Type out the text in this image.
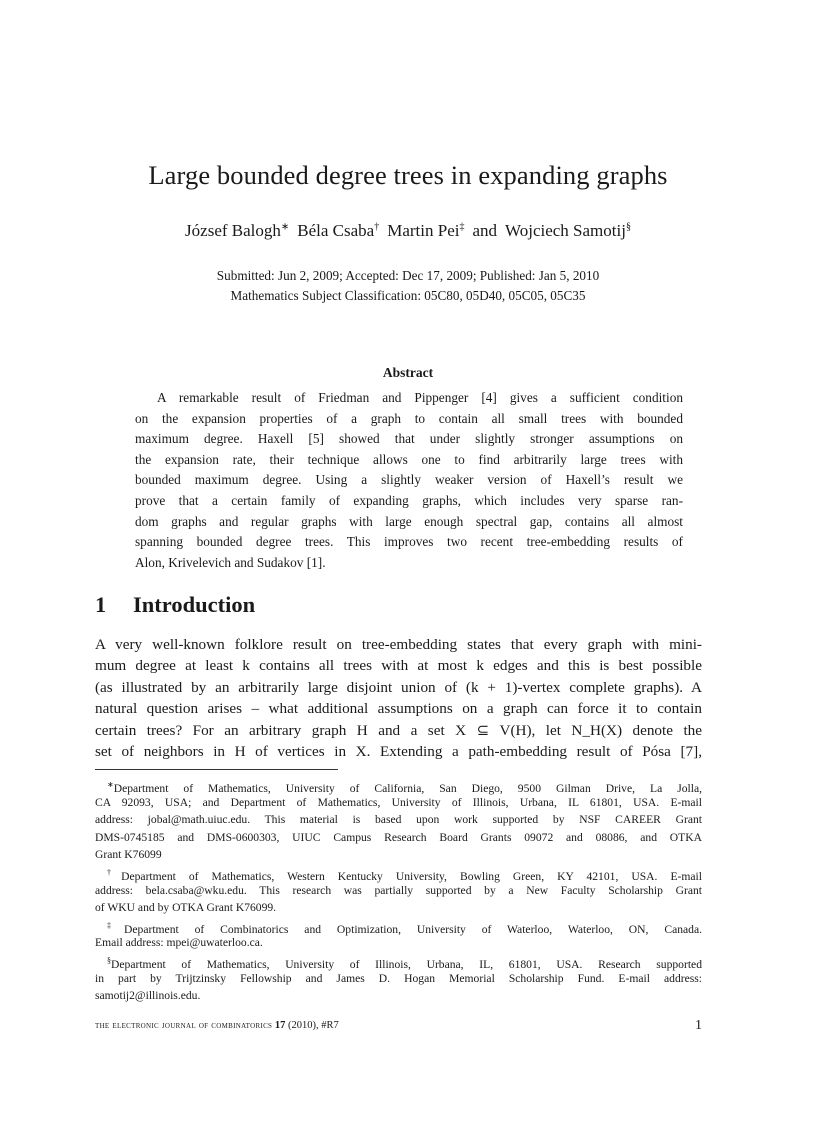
Large bounded degree trees in expanding graphs
József Balogh∗ Béla Csaba† Martin Pei‡ and Wojciech Samotij§
Submitted: Jun 2, 2009; Accepted: Dec 17, 2009; Published: Jan 5, 2010
Mathematics Subject Classification: 05C80, 05D40, 05C05, 05C35
Abstract
A remarkable result of Friedman and Pippenger [4] gives a sufficient condition
on the expansion properties of a graph to contain all small trees with bounded
maximum degree. Haxell [5] showed that under slightly stronger assumptions on
the expansion rate, their technique allows one to find arbitrarily large trees with
bounded maximum degree. Using a slightly weaker version of Haxell’s result we
prove that a certain family of expanding graphs, which includes very sparse ran-
dom graphs and regular graphs with large enough spectral gap, contains all almost
spanning bounded degree trees. This improves two recent tree-embedding results of
Alon, Krivelevich and Sudakov [1].
1 Introduction
A very well-known folklore result on tree-embedding states that every graph with mini-
mum degree at least k contains all trees with at most k edges and this is best possible
(as illustrated by an arbitrarily large disjoint union of (k + 1)-vertex complete graphs). A
natural question arises – what additional assumptions on a graph can force it to contain
certain trees? For an arbitrary graph H and a set X ⊆ V(H), let N_H(X) denote the
set of neighbors in H of vertices in X. Extending a path-embedding result of Pósa [7],
∗Department of Mathematics, University of California, San Diego, 9500 Gilman Drive, La Jolla,
CA 92093, USA; and Department of Mathematics, University of Illinois, Urbana, IL 61801, USA. E-mail
address: jobal@math.uiuc.edu. This material is based upon work supported by NSF CAREER Grant
DMS-0745185 and DMS-0600303, UIUC Campus Research Board Grants 09072 and 08086, and OTKA
Grant K76099
†Department of Mathematics, Western Kentucky University, Bowling Green, KY 42101, USA. E-mail
address: bela.csaba@wku.edu. This research was partially supported by a New Faculty Scholarship Grant
of WKU and by OTKA Grant K76099.
‡Department of Combinatorics and Optimization, University of Waterloo, Waterloo, ON, Canada.
Email address: mpei@uwaterloo.ca.
§Department of Mathematics, University of Illinois, Urbana, IL, 61801, USA. Research supported
in part by Trijtzinsky Fellowship and James D. Hogan Memorial Scholarship Fund. E-mail address:
samotij2@illinois.edu.
the electronic journal of combinatorics 17 (2010), #R7	1
